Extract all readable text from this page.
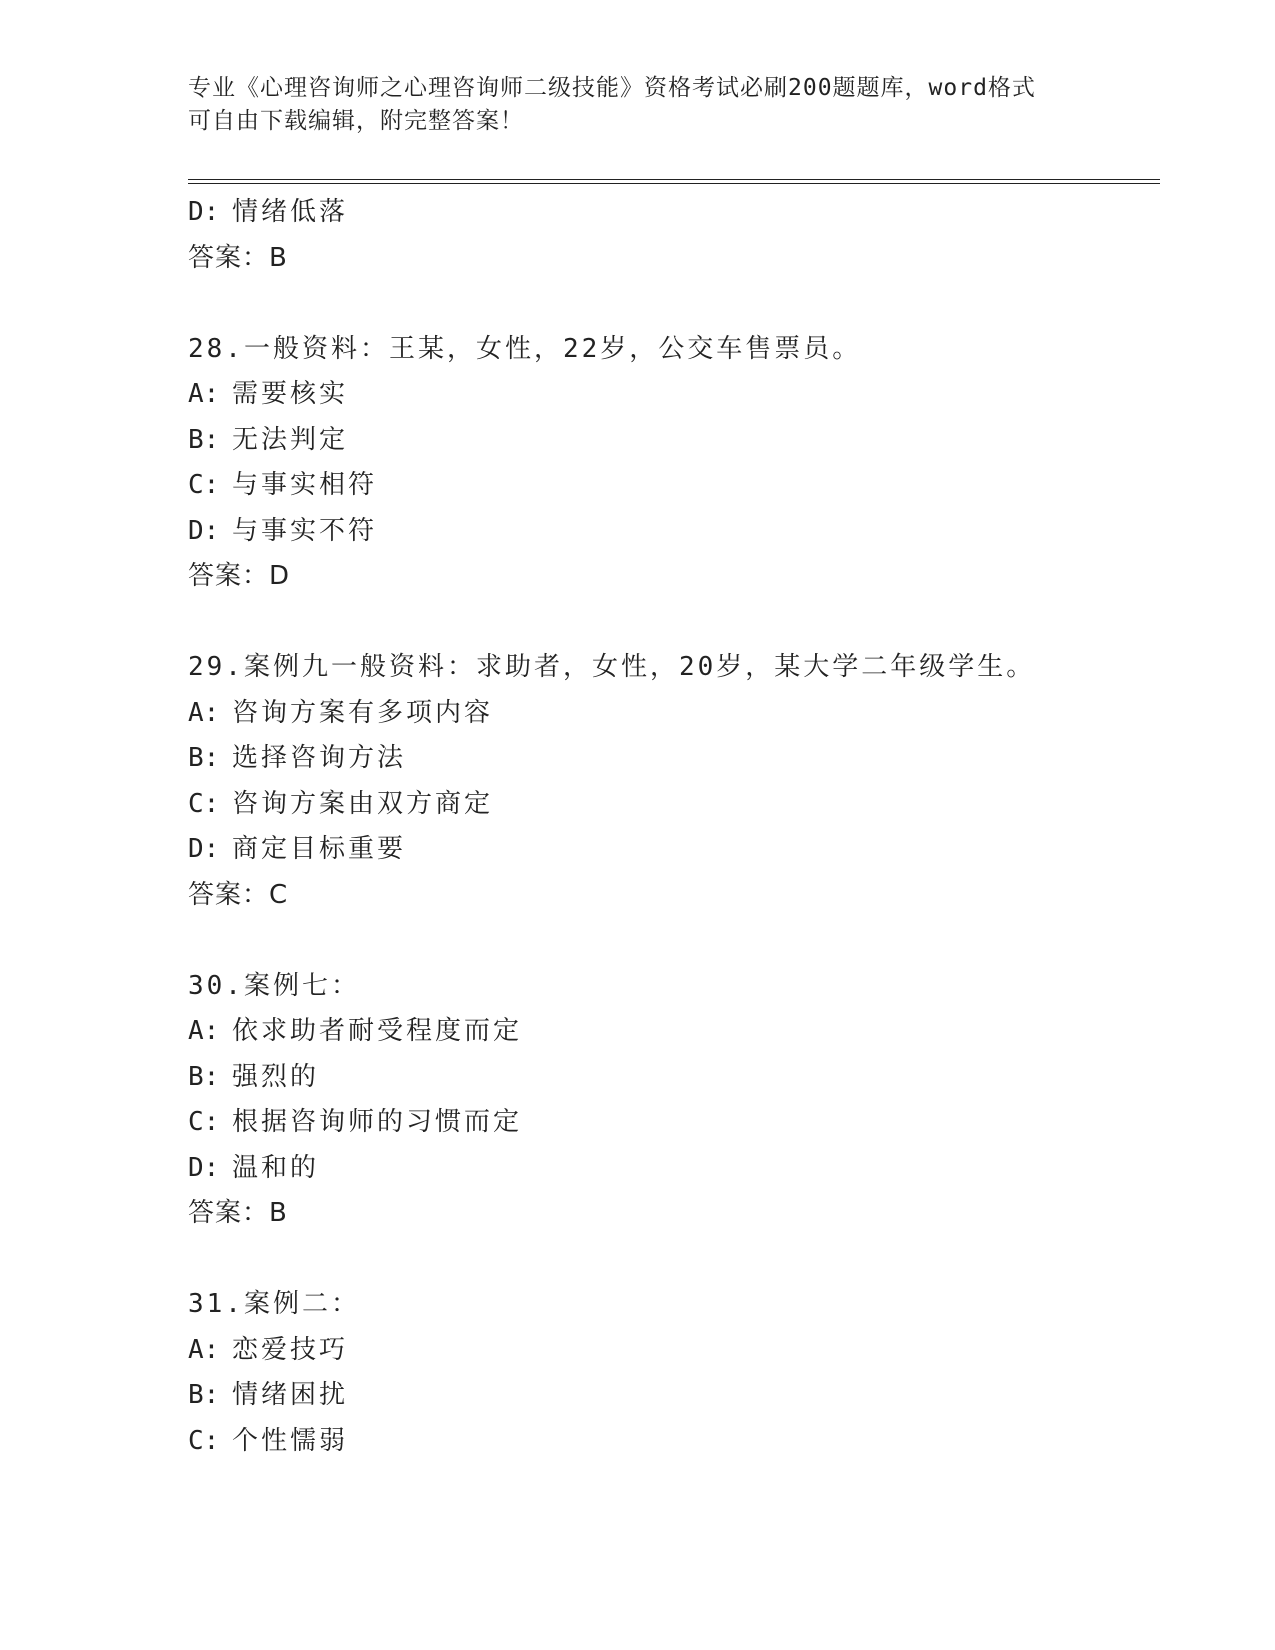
专业《心理咨询师之心理咨询师二级技能》资格考试必刷200题题库，word格式
可自由下载编辑，附完整答案！
D: 情绪低落
答案：B
28.一般资料：王某，女性，22岁，公交车售票员。
A: 需要核实
B: 无法判定
C: 与事实相符
D: 与事实不符
答案：D
29.案例九一般资料：求助者，女性，20岁，某大学二年级学生。
A: 咨询方案有多项内容
B: 选择咨询方法
C: 咨询方案由双方商定
D: 商定目标重要
答案：C
30.案例七：
A: 依求助者耐受程度而定
B: 强烈的
C: 根据咨询师的习惯而定
D: 温和的
答案：B
31.案例二：
A: 恋爱技巧
B: 情绪困扰
C: 个性懦弱
